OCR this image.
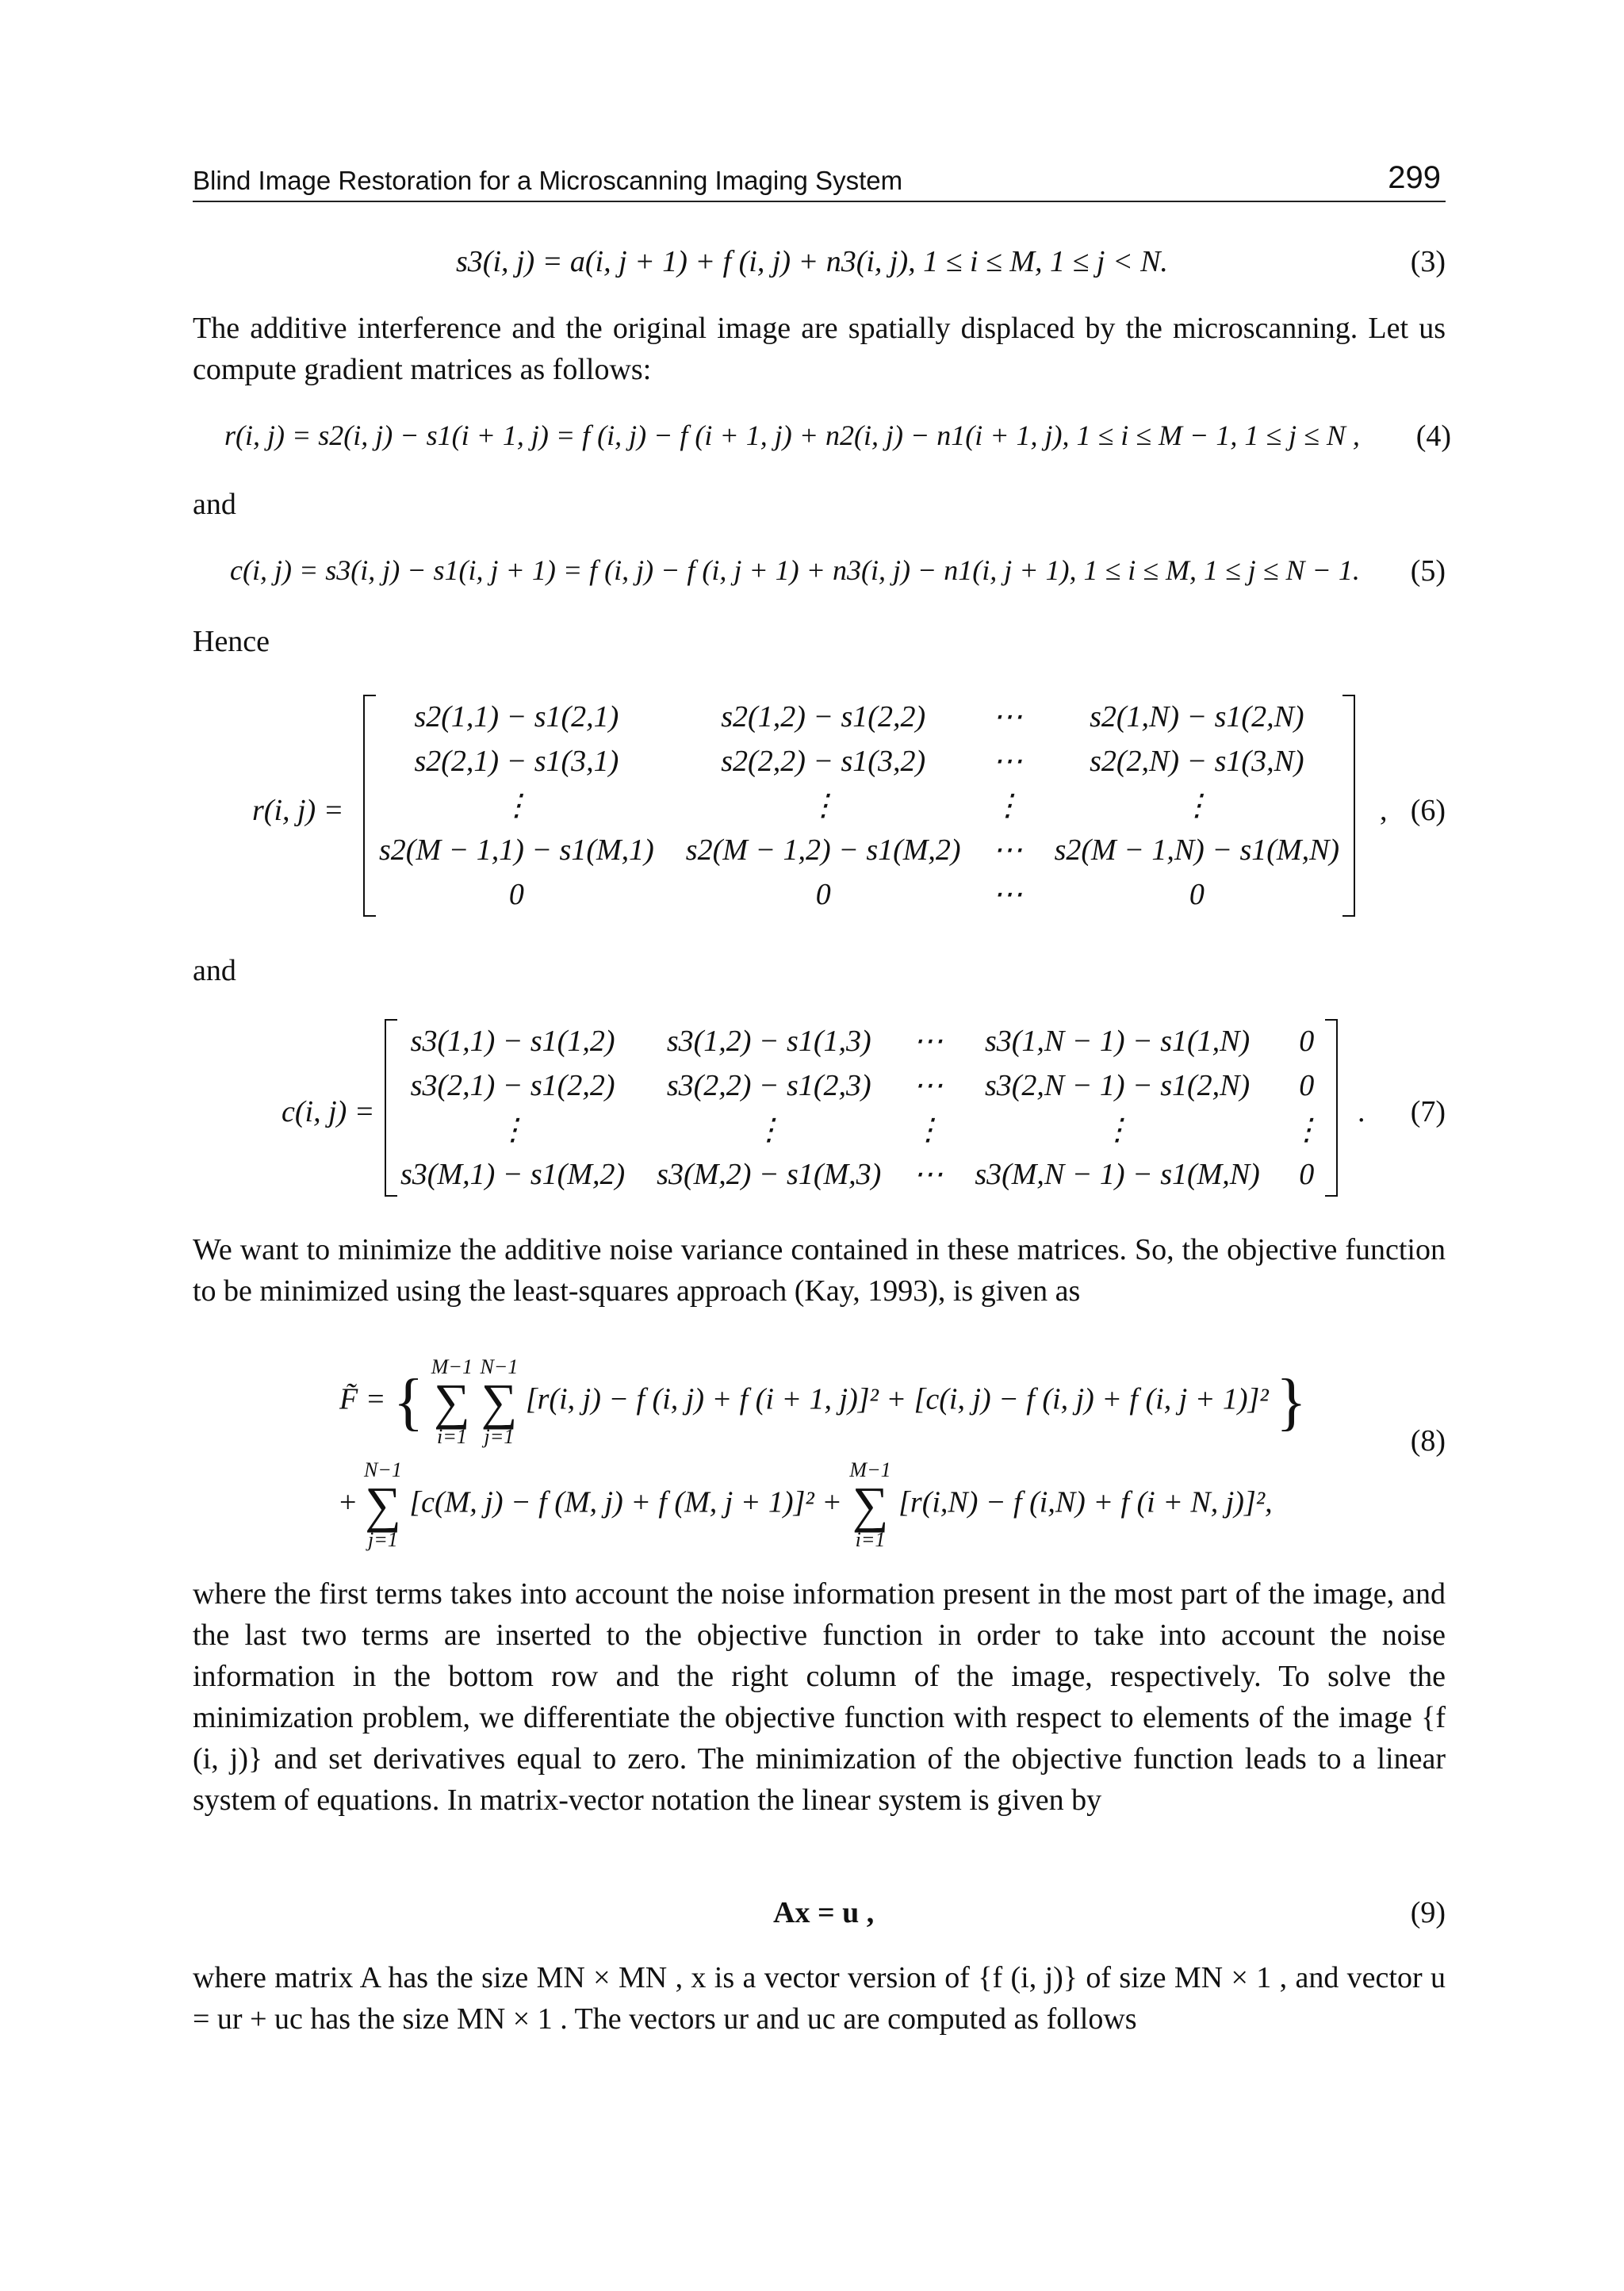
Blind Image Restoration for a Microscanning Imaging System	299
s3(i, j) = a(i, j + 1) + f (i, j) + n3(i, j), 1 ≤ i ≤ M, 1 ≤ j < N.	(3)
The additive interference and the original image are spatially displaced by the microscanning. Let us compute gradient matrices as follows:
r(i, j) = s2(i, j) − s1(i + 1, j) = f (i, j) − f (i + 1, j) + n2(i, j) − n1(i + 1, j), 1 ≤ i ≤ M − 1, 1 ≤ j ≤ N , (4)
and
c(i, j) = s3(i, j) − s1(i, j + 1) = f (i, j) − f (i, j + 1) + n3(i, j) − n1(i, j + 1), 1 ≤ i ≤ M, 1 ≤ j ≤ N − 1. (5)
Hence
r(i, j) =
s2(1,1) − s1(2,1)	s2(1,2) − s1(2,2)	⋯	s2(1,N) − s1(2,N)
s2(2,1) − s1(3,1)	s2(2,2) − s1(3,2)	⋯	s2(2,N) − s1(3,N)
⋮	⋮	⋮	⋮
s2(M − 1,1) − s1(M,1)	s2(M − 1,2) − s1(M,2)	⋯	s2(M − 1,N) − s1(M,N)
0	0	⋯	0
, (6)
and
c(i, j) =
s3(1,1) − s1(1,2)	s3(1,2) − s1(1,3)	⋯	s3(1,N − 1) − s1(1,N)	0
s3(2,1) − s1(2,2)	s3(2,2) − s1(2,3)	⋯	s3(2,N − 1) − s1(2,N)	0
⋮	⋮	⋮	⋮	⋮
s3(M,1) − s1(M,2)	s3(M,2) − s1(M,3)	⋯	s3(M,N − 1) − s1(M,N)	0
. (7)
We want to minimize the additive noise variance contained in these matrices. So, the objective function to be minimized using the least-squares approach (Kay, 1993), is given as
F̃ = {
M−1
∑
i=1

N−1
∑
j=1
[r(i, j) − f (i, j) + f (i + 1, j)]² + [c(i, j) − f (i, j) + f (i, j + 1)]² }
+
N−1
∑
j=1
[c(M, j) − f (M, j) + f (M, j + 1)]² +
M−1
∑
i=1
[r(i,N) − f (i,N) + f (i + N, j)]²,
(8)
where the first terms takes into account the noise information present in the most part of the image, and the last two terms are inserted to the objective function in order to take into account the noise information in the bottom row and the right column of the image, respectively. To solve the minimization problem, we differentiate the objective function with respect to elements of the image {f (i, j)} and set derivatives equal to zero. The minimization of the objective function leads to a linear system of equations. In matrix-vector notation the linear system is given by
Ax = u ,	(9)
where matrix A has the size MN × MN , x is a vector version of {f (i, j)} of size MN × 1 , and vector u = ur + uc has the size MN × 1 . The vectors ur and uc are computed as follows
